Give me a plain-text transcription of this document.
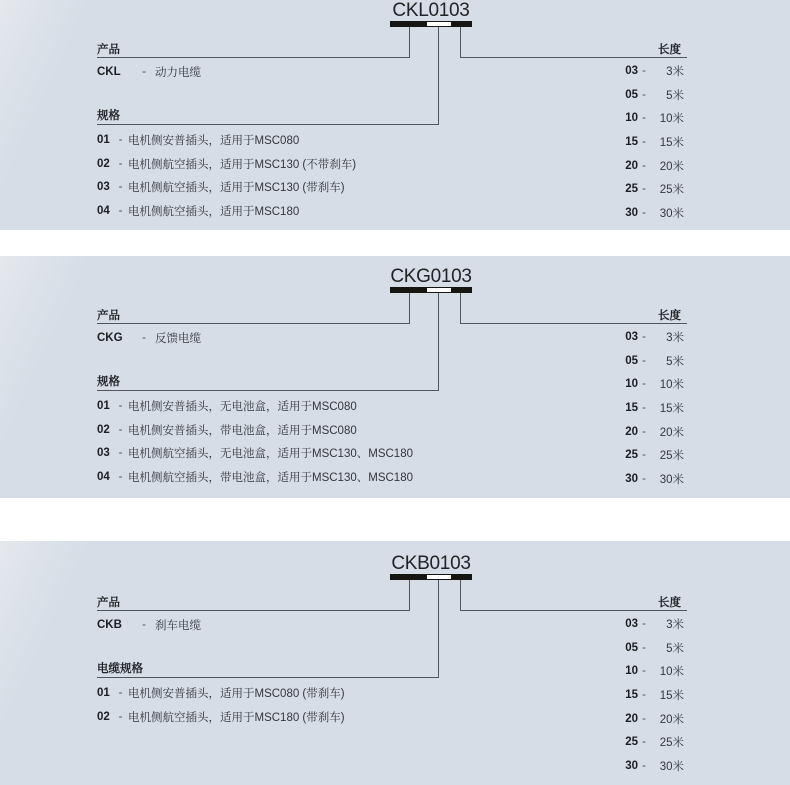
CKL0103
产品
CKL	- 动力电缆
规格
01 - 电机侧安普插头，适用于MSC080
02 - 电机侧航空插头，适用于MSC130 (不带刹车)
03 - 电机侧航空插头，适用于MSC130 (带刹车)
04 - 电机侧航空插头，适用于MSC180
长度
03 -	3米
05 -	5米
10 -	10米
15 -	15米
20 -	20米
25 -	25米
30 -	30米
CKG0103
产品
CKG	- 反馈电缆
规格
01 - 电机侧安普插头，无电池盒，适用于MSC080
02 - 电机侧安普插头，带电池盒，适用于MSC080
03 - 电机侧航空插头，无电池盒，适用于MSC130、MSC180
04 - 电机侧航空插头，带电池盒，适用于MSC130、MSC180
长度
03 -	3米
05 -	5米
10 -	10米
15 -	15米
20 -	20米
25 -	25米
30 -	30米
CKB0103
产品
CKB	- 刹车电缆
电缆规格
01 - 电机侧安普插头，适用于MSC080 (带刹车)
02 - 电机侧航空插头，适用于MSC180 (带刹车)
长度
03 -	3米
05 -	5米
10 -	10米
15 -	15米
20 -	20米
25 -	25米
30 -	30米
